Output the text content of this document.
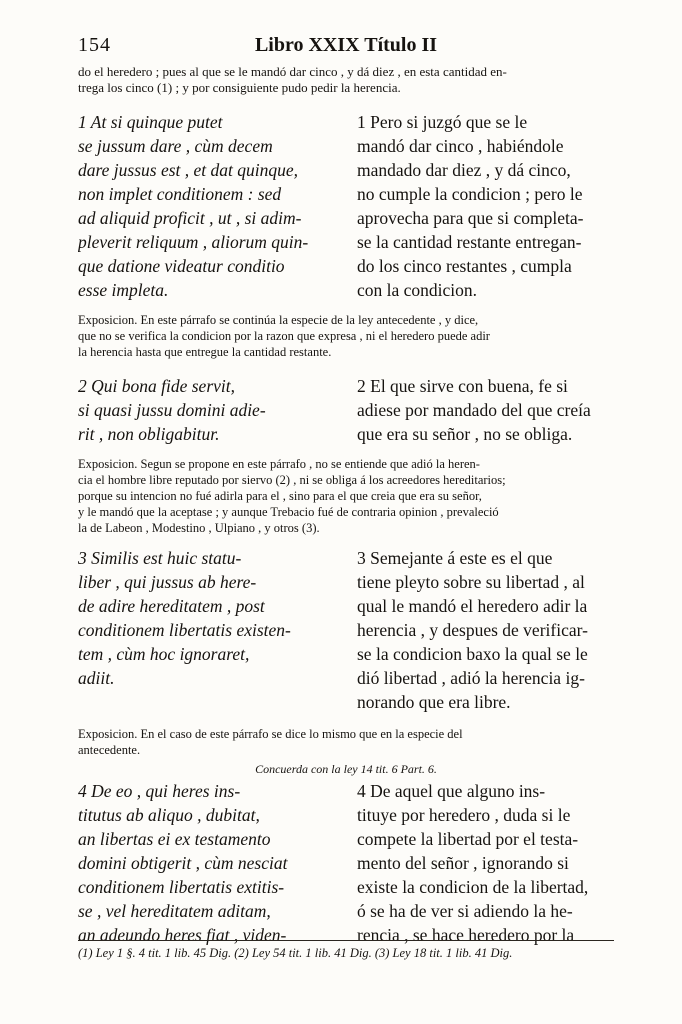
154	Libro XXIX Título II
do el heredero ; pues al que se le mandó dar cinco , y dá diez , en esta cantidad en-
trega los cinco (1) ; y por consiguiente pudo pedir la herencia.
1 At si quinque putet
se jussum dare , cùm decem
dare jussus est , et dat quinque,
non implet conditionem : sed
ad aliquid proficit , ut , si adim-
pleverit reliquum , aliorum quin-
que datione videatur conditio
esse impleta.
1 Pero si juzgó que se le
mandó dar cinco , habiéndole
mandado dar diez , y dá cinco,
no cumple la condicion ; pero le
aprovecha para que si completa-
se la cantidad restante entregan-
do los cinco restantes , cumpla
con la condicion.
Exposicion. En este párrafo se continúa la especie de la ley antecedente , y dice,
que no se verifica la condicion por la razon que expresa , ni el heredero puede adir
la herencia hasta que entregue la cantidad restante.
2 Qui bona fide servit,
si quasi jussu domini adie-
rit , non obligabitur.
2 El que sirve con buena, fe si
adiese por mandado del que creía
que era su señor , no se obliga.
Exposicion. Segun se propone en este párrafo , no se entiende que adió la heren-
cia el hombre libre reputado por siervo (2) , ni se obliga á los acreedores hereditarios;
porque su intencion no fué adirla para el , sino para el que creia que era su señor,
y le mandó que la aceptase ; y aunque Trebacio fué de contraria opinion , prevaleció
la de Labeon , Modestino , Ulpiano , y otros (3).
3 Similis est huic statu-
liber , qui jussus ab here-
de adire hereditatem , post
conditionem libertatis existen-
tem , cùm hoc ignoraret,
adiit.
3 Semejante á este es el que
tiene pleyto sobre su libertad , al
qual le mandó el heredero adir la
herencia , y despues de verificar-
se la condicion baxo la qual se le
dió libertad , adió la herencia ig-
norando que era libre.
Exposicion. En el caso de este párrafo se dice lo mismo que en la especie del
antecedente.
Concuerda con la ley 14 tit. 6 Part. 6.
4 De eo , qui heres ins-
titutus ab aliquo , dubitat,
an libertas ei ex testamento
domini obtigerit , cùm nesciat
conditionem libertatis extitis-
se , vel hereditatem aditam,
an adeundo heres fiat , viden-
4 De aquel que alguno ins-
tituye por heredero , duda si le
compete la libertad por el testa-
mento del señor , ignorando si
existe la condicion de la libertad,
ó se ha de ver si adiendo la he-
rencia , se hace heredero por la
(1) Ley 1 §. 4 tit. 1 lib. 45 Dig. (2) Ley 54 tit. 1 lib. 41 Dig. (3) Ley 18 tit. 1 lib. 41 Dig.
